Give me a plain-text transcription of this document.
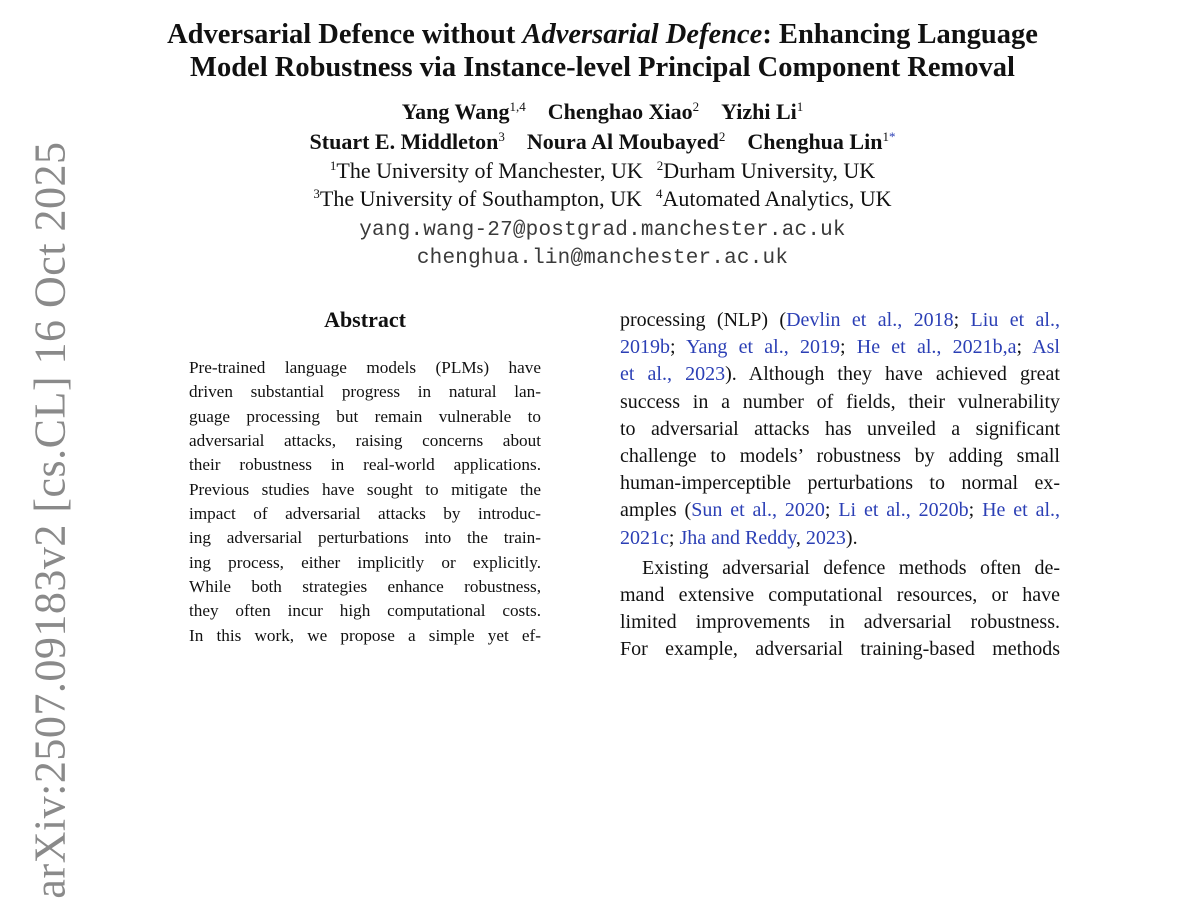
arXiv:2507.09183v2 [cs.CL] 16 Oct 2025
Adversarial Defence without Adversarial Defence: Enhancing Language
Model Robustness via Instance-level Principal Component Removal
Yang Wang$^{1,4}$ Chenghao Xiao$^2$ Yizhi Li$^1$
Stuart E. Middleton$^3$ Noura Al Moubayed$^2$ Chenghua Lin$^{1*}$
$^1$The University of Manchester, UK $^2$Durham University, UK
$^3$The University of Southampton, UK $^4$Automated Analytics, UK
yang.wang-27@postgrad.manchester.ac.uk
chenghua.lin@manchester.ac.uk
Abstract
Pre-trained language models (PLMs) have
driven substantial progress in natural lan-
guage processing but remain vulnerable to
adversarial attacks, raising concerns about
their robustness in real-world applications.
Previous studies have sought to mitigate the
impact of adversarial attacks by introduc-
ing adversarial perturbations into the train-
ing process, either implicitly or explicitly.
While both strategies enhance robustness,
they often incur high computational costs.
In this work, we propose a simple yet ef-
processing (NLP) (Devlin et al., 2018; Liu et al.,
2019b; Yang et al., 2019; He et al., 2021b,a; Asl
et al., 2023). Although they have achieved great
success in a number of fields, their vulnerability
to adversarial attacks has unveiled a significant
challenge to models’ robustness by adding small
human-imperceptible perturbations to normal ex-
amples (Sun et al., 2020; Li et al., 2020b; He et al.,
2021c; Jha and Reddy, 2023).
Existing adversarial defence methods often de-
mand extensive computational resources, or have
limited improvements in adversarial robustness.
For example, adversarial training-based methods
